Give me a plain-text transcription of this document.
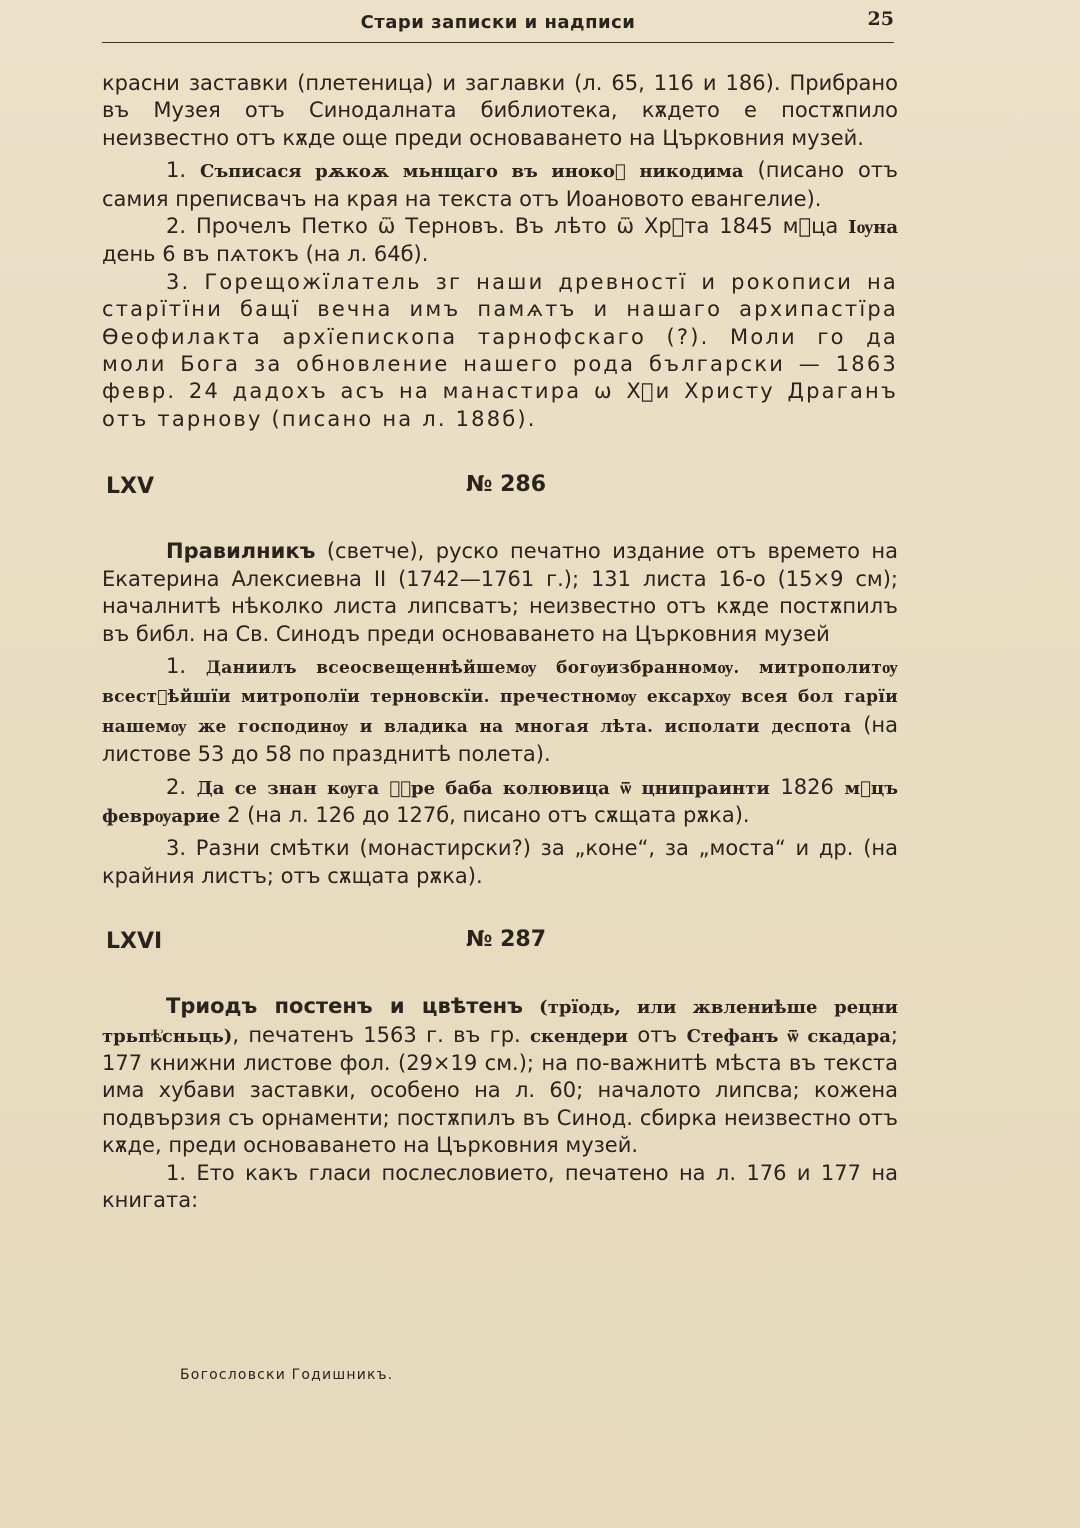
Стари записки и надписи	25

красни заставки (плетеница) и заглавки (л. 65, 116 и 186). Прибрано въ Музея отъ Синодалната библиотека, кѫдето е постѫпило неизвестно отъ кѫде още преди основаването на Църковния музей.

1. Съписася рѫкоѫ мьнщаго въ инокоⷯ никодима (писано отъ самия преписвачъ на края на текста отъ Иоановото евангелие).

2. Прочелъ Петко ѿ Терновъ. Въ лѣто ѿ Хрⷭта 1845 мⷭца Іѹна день 6 въ пѧтокъ (на л. 64б).

3. Горещожїлатель зг наши древностї и рокописи на старїтїни бащї вечна имъ памѧтъ и нашаго архипастїра Ѳеофилакта архїепископа тарнофскаго (?). Моли го да моли Бога за обновление нашего рода български — 1863 февр. 24 дадохъ асъ на манастира ѡ Хⷣи Христу Драганъ отъ тарнову (писано на л. 188б).

LXV	№ 286

Правилникъ (светче), руско печатно издание отъ времето на Екатерина Алексиевна II (1742—1761 г.); 131 листа 16-о (15×9 см); началнитѣ нѣколко листа липсватъ; неизвестно отъ кѫде постѫпилъ въ библ. на Св. Синодъ преди основаването на Църковния музей

1. Даниилъ всеосвещеннѣйшемѹ богѹизбранномѹ. митрополитѹ всестⷮѣйшїи митрополїи терновскїи. пречестномѹ ексархѹ всея бол гарїи нашемѹ же господинѹ и владика на многая лѣта. исполати деспота (на листове 53 до 58 по празднитѣ полета).

2. Да се знан кѹга ѹⷨре баба колювица ѿ цнипраинти 1826 мⷭцъ феврѹарие 2 (на л. 126 до 127б, писано отъ сѫщата рѫка).

3. Разни смѣтки (монастирски?) за „коне“, за „моста“ и др. (на крайния листъ; отъ сѫщата рѫка).

LXVI	№ 287

Триодъ постенъ и цвѣтенъ (трїодь, или жвлениѣше рецни трьпѣ͗сньць), печатенъ 1563 г. въ гр. скендери отъ Стефанъ ѿ скадара; 177 книжни листове фол. (29×19 см.); на по-важнитѣ мѣста въ текста има хубави заставки, особено на л. 60; началото липсва; кожена подвързия съ орнаменти; постѫпилъ въ Синод. сбирка неизвестно отъ кѫде, преди основаването на Църковния музей.

1. Ето какъ гласи послесловието, печатено на л. 176 и 177 на книгата:

Богословски Годишникъ.
